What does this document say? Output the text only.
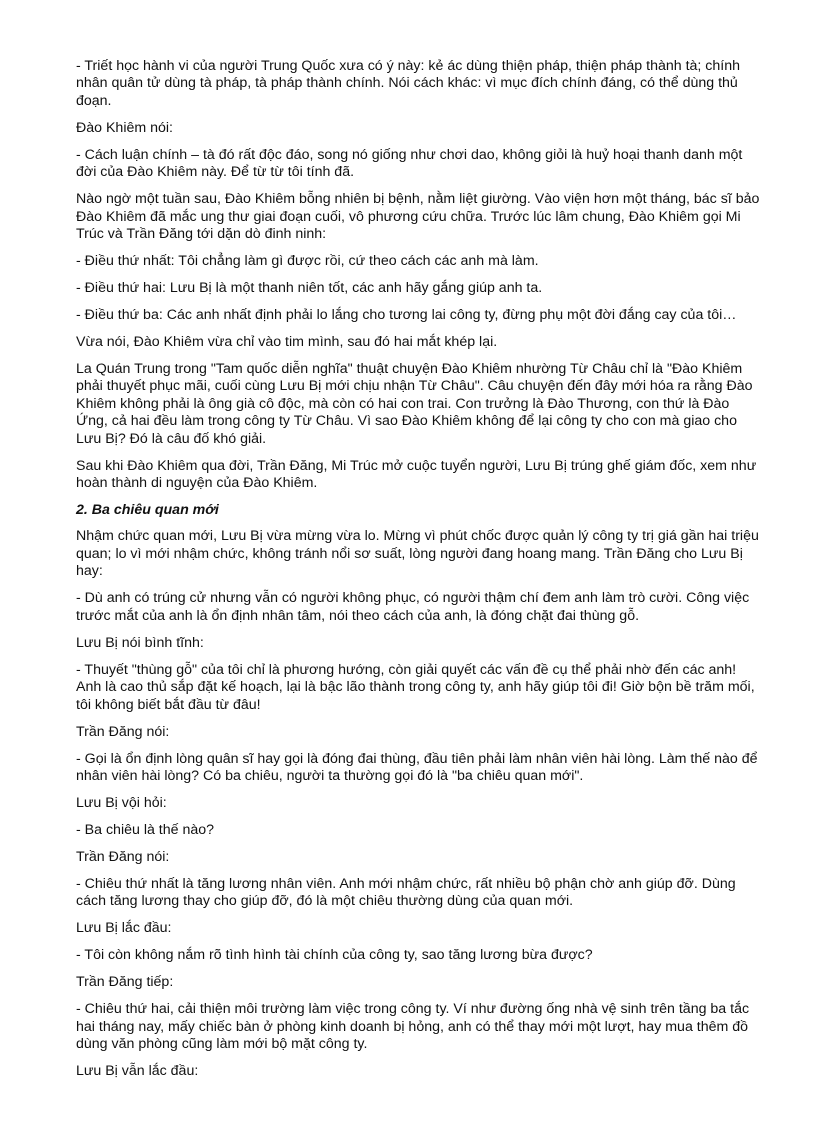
- Triết học hành vi của người Trung Quốc xưa có ý này: kẻ ác dùng thiện pháp, thiện pháp thành tà; chính nhân quân tử dùng tà pháp, tà pháp thành chính. Nói cách khác: vì mục đích chính đáng, có thể dùng thủ đoạn.

Đào Khiêm nói:

- Cách luận chính – tà đó rất độc đáo, song nó giống như chơi dao, không giỏi là huỷ hoại thanh danh một đời của Đào Khiêm này. Để từ từ tôi tính đã.

Nào ngờ một tuần sau, Đào Khiêm bỗng nhiên bị bệnh, nằm liệt giường. Vào viện hơn một tháng, bác sĩ bảo Đào Khiêm đã mắc ung thư giai đoạn cuối, vô phương cứu chữa. Trước lúc lâm chung, Đào Khiêm gọi Mi Trúc và Trần Đăng tới dặn dò đinh ninh:

- Điều thứ nhất: Tôi chẳng làm gì được rồi, cứ theo cách các anh mà làm.

- Điều thứ hai: Lưu Bị là một thanh niên tốt, các anh hãy gắng giúp anh ta.

- Điều thứ ba: Các anh nhất định phải lo lắng cho tương lai công ty, đừng phụ một đời đắng cay của tôi…

Vừa nói, Đào Khiêm vừa chỉ vào tim mình, sau đó hai mắt khép lại.

La Quán Trung trong "Tam quốc diễn nghĩa" thuật chuyện Đào Khiêm nhường Từ Châu chỉ là "Đào Khiêm phải thuyết phục mãi, cuối cùng Lưu Bị mới chịu nhận Từ Châu". Câu chuyện đến đây mới hóa ra rằng Đào Khiêm không phải là ông già cô độc, mà còn có hai con trai. Con trưởng là Đào Thương, con thứ là Đào Ứng, cả hai đều làm trong công ty Từ Châu. Vì sao Đào Khiêm không để lại công ty cho con mà giao cho Lưu Bị? Đó là câu đố khó giải.

Sau khi Đào Khiêm qua đời, Trần Đăng, Mi Trúc mở cuộc tuyển người, Lưu Bị trúng ghế giám đốc, xem như hoàn thành di nguyện của Đào Khiêm.

2. Ba chiêu quan mới

Nhậm chức quan mới, Lưu Bị vừa mừng vừa lo. Mừng vì phút chốc được quản lý công ty trị giá gần hai triệu quan; lo vì mới nhậm chức, không tránh nổi sơ suất, lòng người đang hoang mang. Trần Đăng cho Lưu Bị hay:

- Dù anh có trúng cử nhưng vẫn có người không phục, có người thậm chí đem anh làm trò cười. Công việc trước mắt của anh là ổn định nhân tâm, nói theo cách của anh, là đóng chặt đai thùng gỗ.

Lưu Bị nói bình tĩnh:

- Thuyết "thùng gỗ" của tôi chỉ là phương hướng, còn giải quyết các vấn đề cụ thể phải nhờ đến các anh! Anh là cao thủ sắp đặt kế hoạch, lại là bậc lão thành trong công ty, anh hãy giúp tôi đi! Giờ bộn bề trăm mối, tôi không biết bắt đầu từ đâu!

Trần Đăng nói:

- Gọi là ổn định lòng quân sĩ hay gọi là đóng đai thùng, đầu tiên phải làm nhân viên hài lòng. Làm thế nào để nhân viên hài lòng? Có ba chiêu, người ta thường gọi đó là "ba chiêu quan mới".

Lưu Bị vội hỏi:

- Ba chiêu là thế nào?

Trần Đăng nói:

- Chiêu thứ nhất là tăng lương nhân viên. Anh mới nhậm chức, rất nhiều bộ phận chờ anh giúp đỡ. Dùng cách tăng lương thay cho giúp đỡ, đó là một chiêu thường dùng của quan mới.

Lưu Bị lắc đầu:

- Tôi còn không nắm rõ tình hình tài chính của công ty, sao tăng lương bừa được?

Trần Đăng tiếp:

- Chiêu thứ hai, cải thiện môi trường làm việc trong công ty. Ví như đường ống nhà vệ sinh trên tầng ba tắc hai tháng nay, mấy chiếc bàn ở phòng kinh doanh bị hỏng, anh có thể thay mới một lượt, hay mua thêm đồ dùng văn phòng cũng làm mới bộ mặt công ty.

Lưu Bị vẫn lắc đầu:
